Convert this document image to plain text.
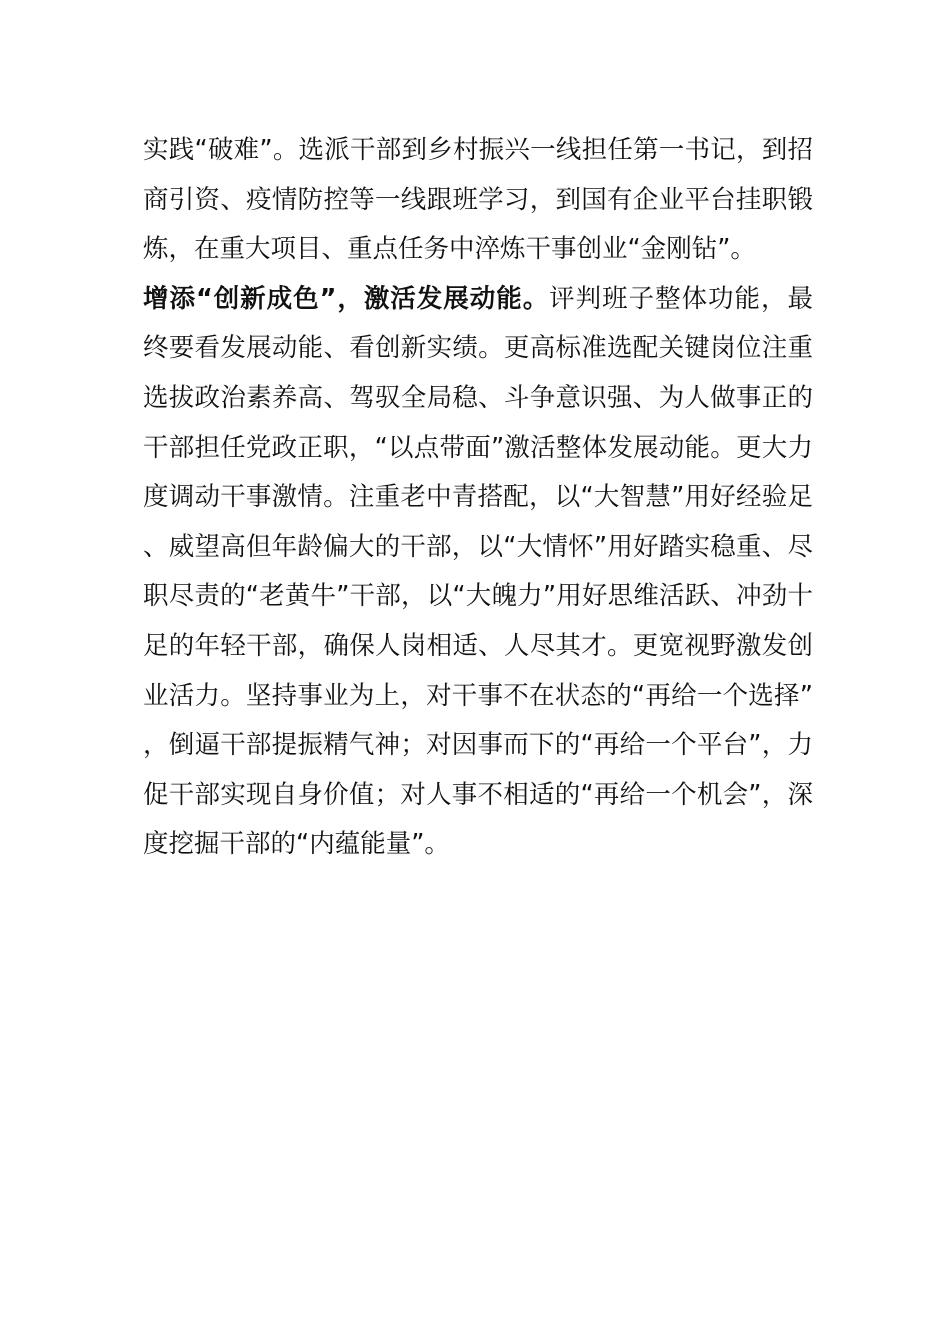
实践“破难”。选派干部到乡村振兴一线担任第一书记，到招商引资、疫情防控等一线跟班学习，到国有企业平台挂职锻炼，在重大项目、重点任务中淬炼干事创业“金刚钻”。

增添“创新成色”，激活发展动能。评判班子整体功能，最终要看发展动能、看创新实绩。更高标准选配关键岗位注重选拔政治素养高、驾驭全局稳、斗争意识强、为人做事正的干部担任党政正职，“以点带面”激活整体发展动能。更大力度调动干事激情。注重老中青搭配，以“大智慧”用好经验足、威望高但年龄偏大的干部，以“大情怀”用好踏实稳重、尽职尽责的“老黄牛”干部，以“大魄力”用好思维活跃、冲劲十足的年轻干部，确保人岗相适、人尽其才。更宽视野激发创业活力。坚持事业为上，对干事不在状态的“再给一个选择”，倒逼干部提振精气神；对因事而下的“再给一个平台”，力促干部实现自身价值；对人事不相适的“再给一个机会”，深度挖掘干部的“内蕴能量”。
